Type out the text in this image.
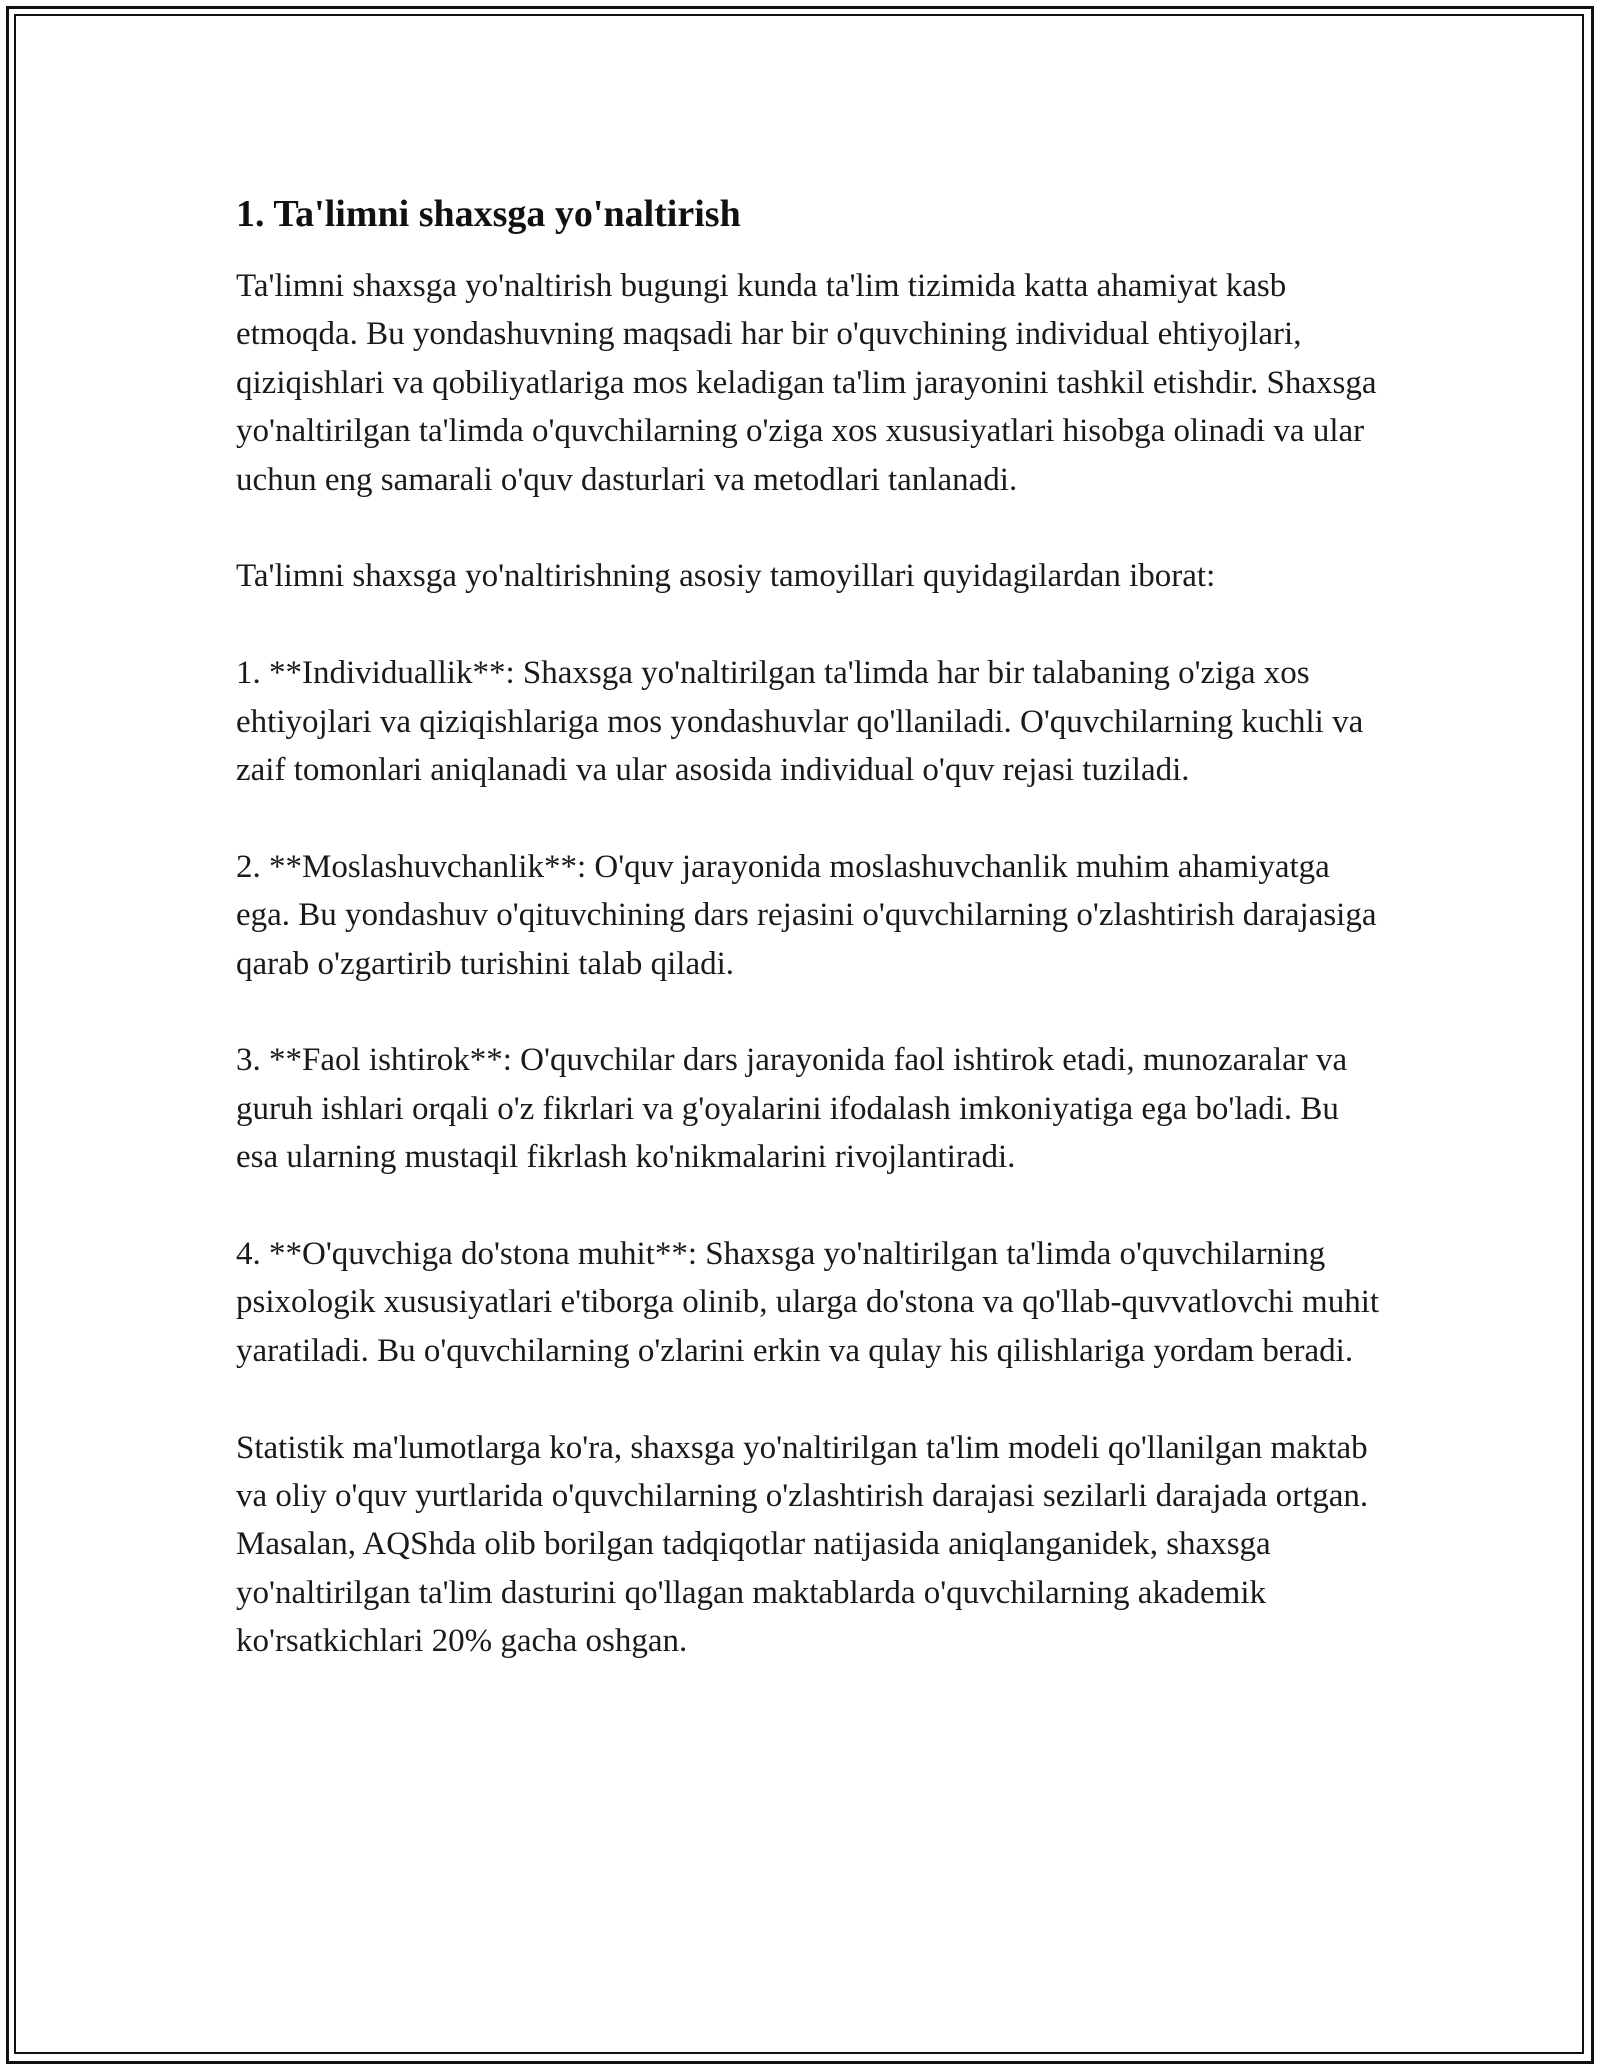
1. Ta'limni shaxsga yo'naltirish

Ta'limni shaxsga yo'naltirish bugungi kunda ta'lim tizimida katta ahamiyat kasb etmoqda. Bu yondashuvning maqsadi har bir o'quvchining individual ehtiyojlari, qiziqishlari va qobiliyatlariga mos keladigan ta'lim jarayonini tashkil etishdir. Shaxsga yo'naltirilgan ta'limda o'quvchilarning o'ziga xos xususiyatlari hisobga olinadi va ular uchun eng samarali o'quv dasturlari va metodlari tanlanadi.

Ta'limni shaxsga yo'naltirishning asosiy tamoyillari quyidagilardan iborat:

1. **Individuallik**: Shaxsga yo'naltirilgan ta'limda har bir talabaning o'ziga xos ehtiyojlari va qiziqishlariga mos yondashuvlar qo'llaniladi. O'quvchilarning kuchli va zaif tomonlari aniqlanadi va ular asosida individual o'quv rejasi tuziladi.

2. **Moslashuvchanlik**: O'quv jarayonida moslashuvchanlik muhim ahamiyatga ega. Bu yondashuv o'qituvchining dars rejasini o'quvchilarning o'zlashtirish darajasiga qarab o'zgartirib turishini talab qiladi.

3. **Faol ishtirok**: O'quvchilar dars jarayonida faol ishtirok etadi, munozaralar va guruh ishlari orqali o'z fikrlari va g'oyalarini ifodalash imkoniyatiga ega bo'ladi. Bu esa ularning mustaqil fikrlash ko'nikmalarini rivojlantiradi.

4. **O'quvchiga do'stona muhit**: Shaxsga yo'naltirilgan ta'limda o'quvchilarning psixologik xususiyatlari e'tiborga olinib, ularga do'stona va qo'llab-quvvatlovchi muhit yaratiladi. Bu o'quvchilarning o'zlarini erkin va qulay his qilishlariga yordam beradi.

Statistik ma'lumotlarga ko'ra, shaxsga yo'naltirilgan ta'lim modeli qo'llanilgan maktab va oliy o'quv yurtlarida o'quvchilarning o'zlashtirish darajasi sezilarli darajada ortgan. Masalan, AQShda olib borilgan tadqiqotlar natijasida aniqlanganidek, shaxsga yo'naltirilgan ta'lim dasturini qo'llagan maktablarda o'quvchilarning akademik ko'rsatkichlari 20% gacha oshgan.
